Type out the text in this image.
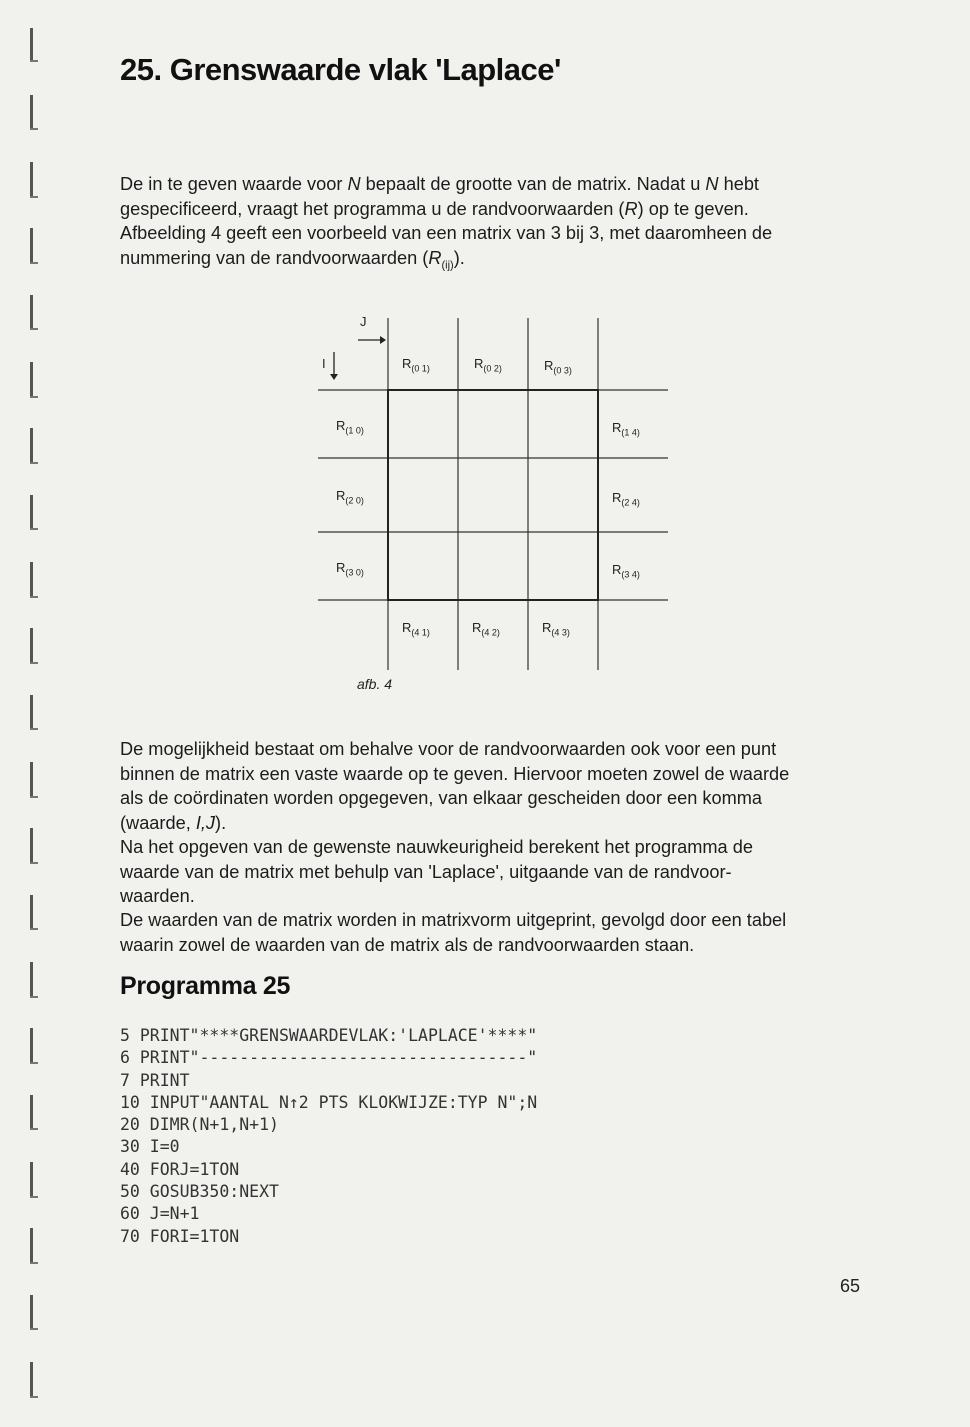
25. Grenswaarde vlak 'Laplace'

De in te geven waarde voor N bepaalt de grootte van de matrix. Nadat u N hebt
gespecificeerd, vraagt het programma u de randvoorwaarden (R) op te geven.
Afbeelding 4 geeft een voorbeeld van een matrix van 3 bij 3, met daaromheen de
nummering van de randvoorwaarden $(R_{(ij)})$.

J
I	$R_{(0 1)}$	$R_{(0 2)}$	$R_{(0 3)}$
$R_{(1 0)}$	$R_{(1 4)}$
$R_{(2 0)}$	$R_{(2 4)}$
$R_{(3 0)}$	$R_{(3 4)}$
$R_{(4 1)}$	$R_{(4 2)}$	$R_{(4 3)}$
afb. 4

De mogelijkheid bestaat om behalve voor de randvoorwaarden ook voor een punt
binnen de matrix een vaste waarde op te geven. Hiervoor moeten zowel de waarde
als de coördinaten worden opgegeven, van elkaar gescheiden door een komma
(waarde, I,J).

Na het opgeven van de gewenste nauwkeurigheid berekent het programma de
waarde van de matrix met behulp van 'Laplace', uitgaande van de randvoor-
waarden.

De waarden van de matrix worden in matrixvorm uitgeprint, gevolgd door een tabel
waarin zowel de waarden van de matrix als de randvoorwaarden staan.

Programma 25
5 PRINT"****GRENSWAARDEVLAK:'LAPLACE'****"
6 PRINT"---------------------------------"
7 PRINT
10 INPUT"AANTAL N↑2 PTS KLOKWIJZE:TYP N";N
20 DIMR(N+1,N+1)
30 I=0
40 FORJ=1TON
50 GOSUB350:NEXT
60 J=N+1
70 FORI=1TON
65
